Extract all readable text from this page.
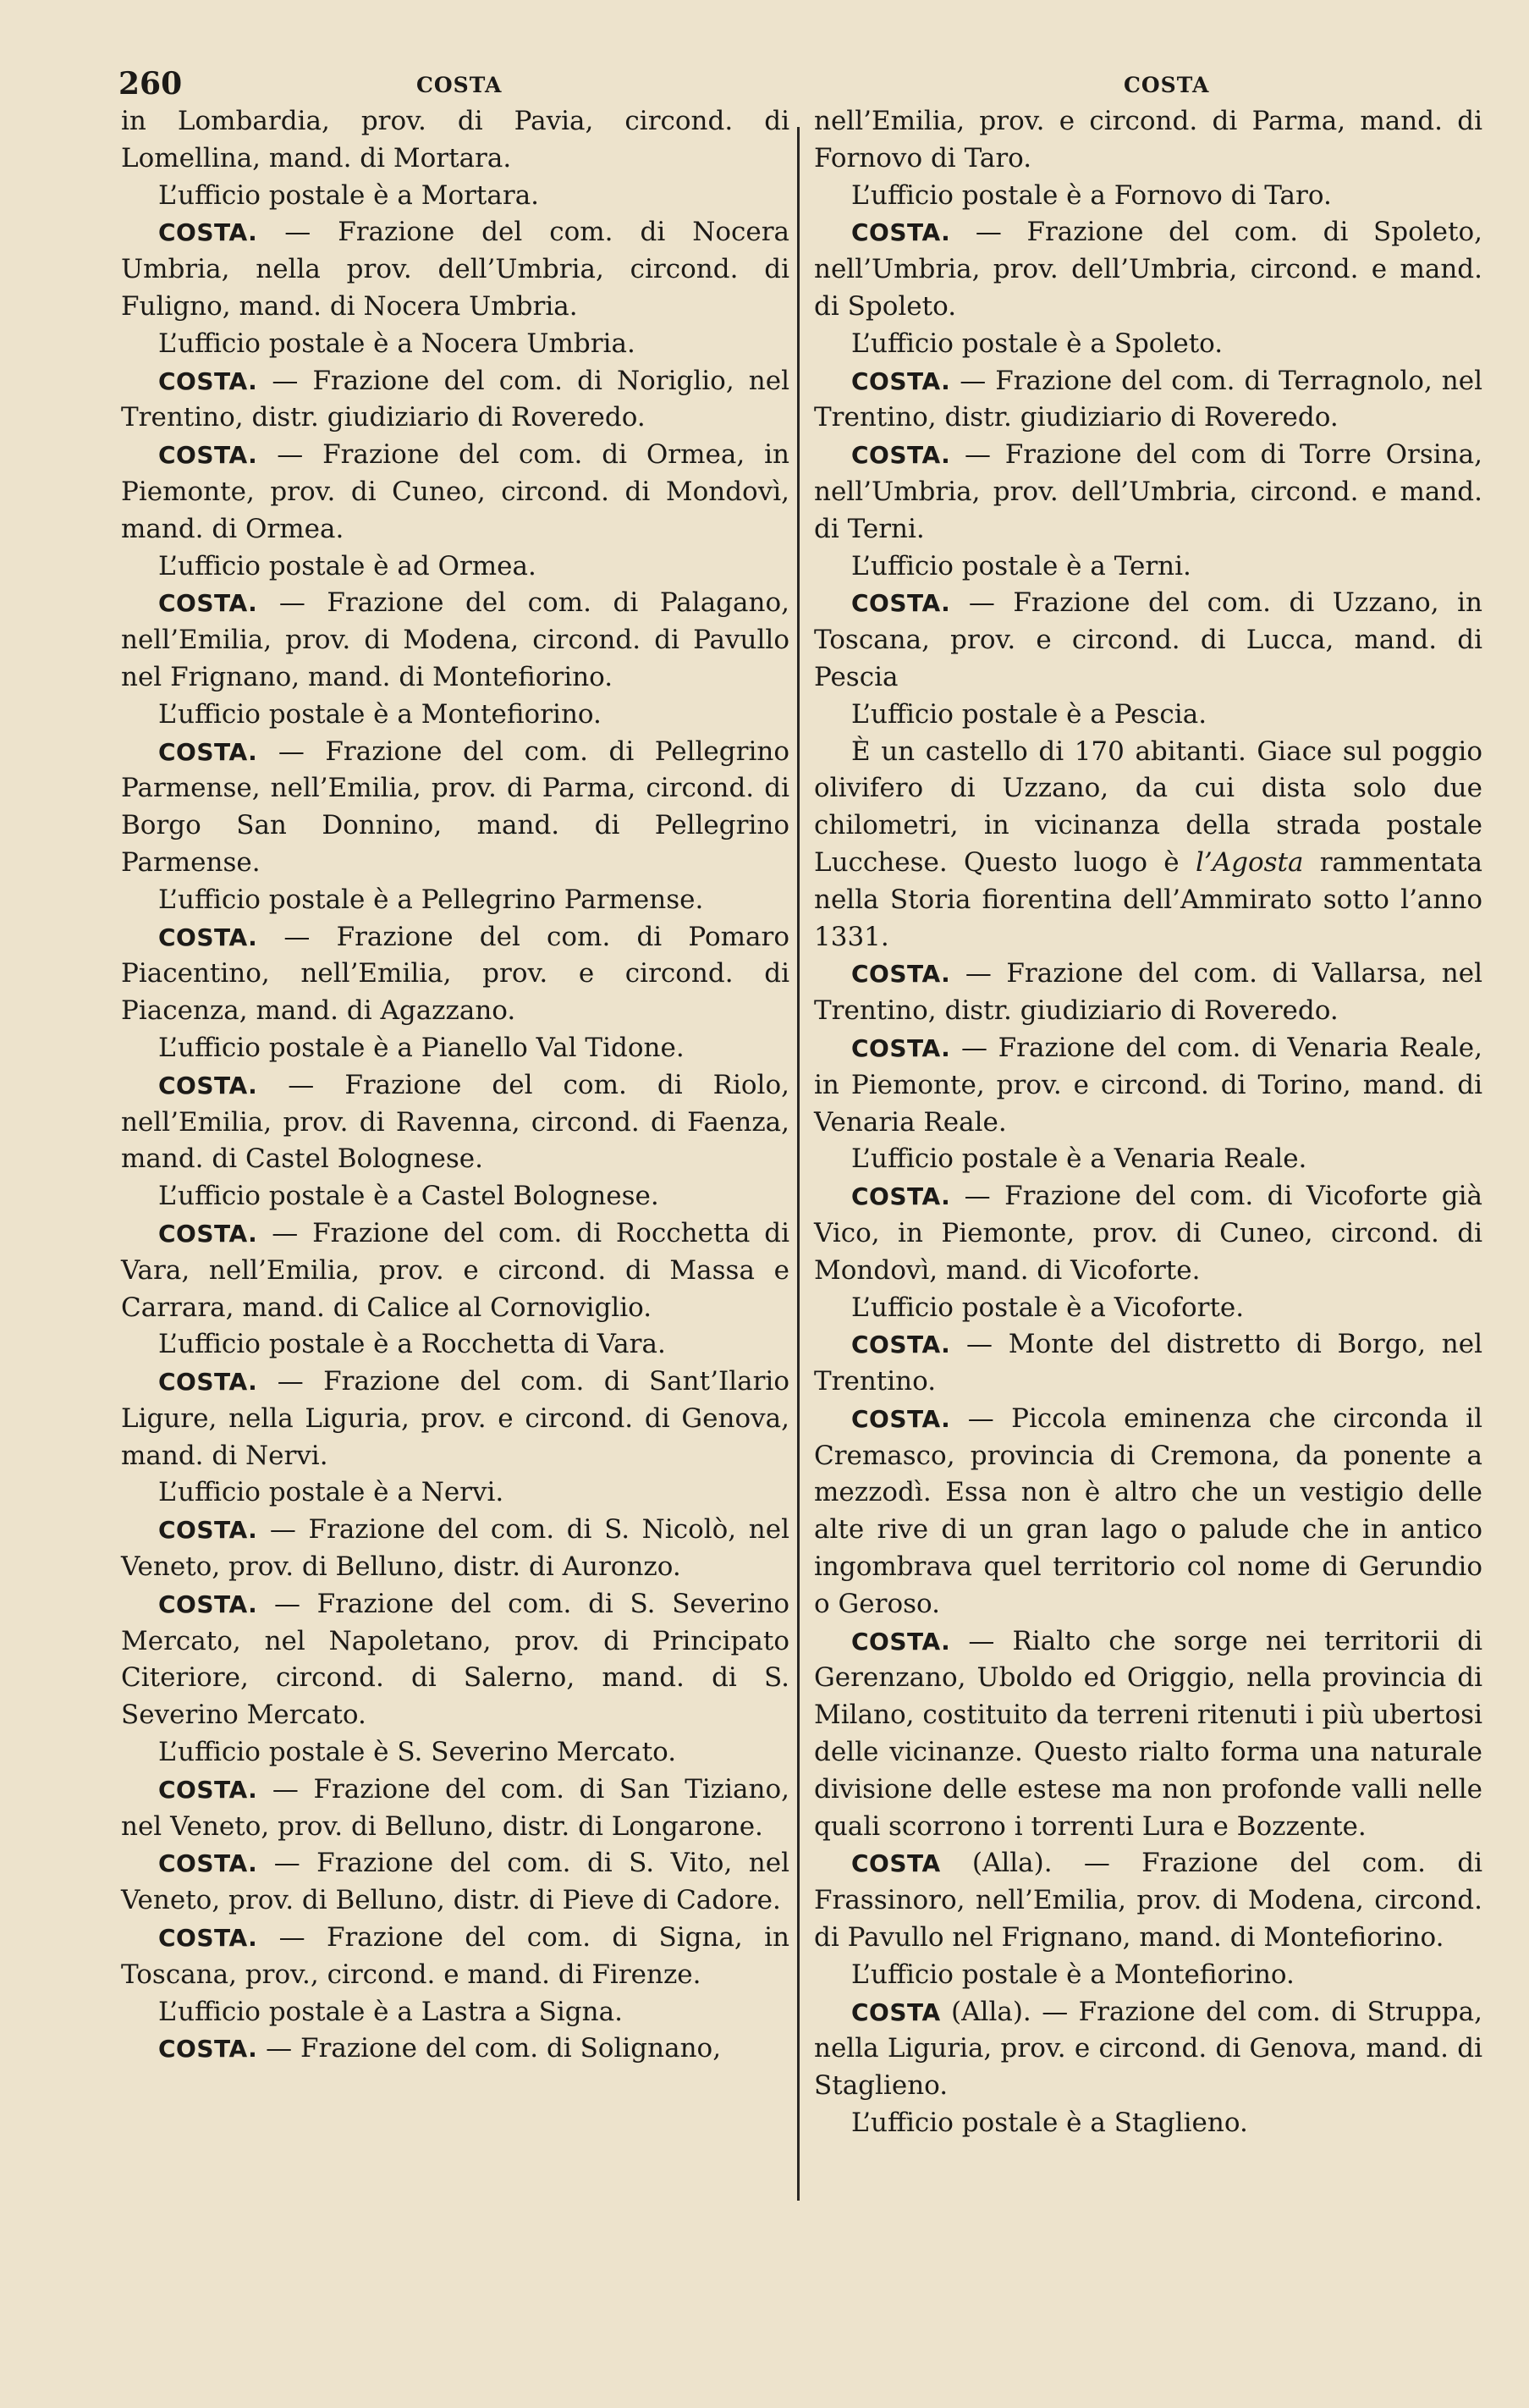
260	COSTA	COSTA

in Lombardia, prov. di Pavia, circond. di Lomellina, mand. di Mortara.

L’ufficio postale è a Mortara.

COSTA. — Frazione del com. di Nocera Umbria, nella prov. dell’Umbria, circond. di Fuligno, mand. di Nocera Umbria.

L’ufficio postale è a Nocera Umbria.

COSTA. — Frazione del com. di Noriglio, nel Trentino, distr. giudiziario di Roveredo.

COSTA. — Frazione del com. di Ormea, in Piemonte, prov. di Cuneo, circond. di Mondovì, mand. di Ormea.

L’ufficio postale è ad Ormea.

COSTA. — Frazione del com. di Palagano, nell’Emilia, prov. di Modena, circond. di Pavullo nel Frignano, mand. di Montefiorino.

L’ufficio postale è a Montefiorino.

COSTA. — Frazione del com. di Pellegrino Parmense, nell’Emilia, prov. di Parma, circond. di Borgo San Donnino, mand. di Pellegrino Parmense.

L’ufficio postale è a Pellegrino Parmense.

COSTA. — Frazione del com. di Pomaro Piacentino, nell’Emilia, prov. e circond. di Piacenza, mand. di Agazzano.

L’ufficio postale è a Pianello Val Tidone.

COSTA. — Frazione del com. di Riolo, nell’Emilia, prov. di Ravenna, circond. di Faenza, mand. di Castel Bolognese.

L’ufficio postale è a Castel Bolognese.

COSTA. — Frazione del com. di Rocchetta di Vara, nell’Emilia, prov. e circond. di Massa e Carrara, mand. di Calice al Cornoviglio.

L’ufficio postale è a Rocchetta di Vara.

COSTA. — Frazione del com. di Sant’Ilario Ligure, nella Liguria, prov. e circond. di Genova, mand. di Nervi.

L’ufficio postale è a Nervi.

COSTA. — Frazione del com. di S. Nicolò, nel Veneto, prov. di Belluno, distr. di Auronzo.

COSTA. — Frazione del com. di S. Severino Mercato, nel Napoletano, prov. di Principato Citeriore, circond. di Salerno, mand. di S. Severino Mercato.

L’ufficio postale è S. Severino Mercato.

COSTA. — Frazione del com. di San Tiziano, nel Veneto, prov. di Belluno, distr. di Longarone.

COSTA. — Frazione del com. di S. Vito, nel Veneto, prov. di Belluno, distr. di Pieve di Cadore.

COSTA. — Frazione del com. di Signa, in Toscana, prov., circond. e mand. di Firenze.

L’ufficio postale è a Lastra a Signa.

COSTA. — Frazione del com. di Solignano,

nell’Emilia, prov. e circond. di Parma, mand. di Fornovo di Taro.

L’ufficio postale è a Fornovo di Taro.

COSTA. — Frazione del com. di Spoleto, nell’Umbria, prov. dell’Umbria, circond. e mand. di Spoleto.

L’ufficio postale è a Spoleto.

COSTA. — Frazione del com. di Terragnolo, nel Trentino, distr. giudiziario di Roveredo.

COSTA. — Frazione del com di Torre Orsina, nell’Umbria, prov. dell’Umbria, circond. e mand. di Terni.

L’ufficio postale è a Terni.

COSTA. — Frazione del com. di Uzzano, in Toscana, prov. e circond. di Lucca, mand. di Pescia

L’ufficio postale è a Pescia.

È un castello di 170 abitanti. Giace sul poggio olivifero di Uzzano, da cui dista solo due chilometri, in vicinanza della strada postale Lucchese. Questo luogo è l’Agosta rammentata nella Storia fiorentina dell’Ammirato sotto l’anno 1331.

COSTA. — Frazione del com. di Vallarsa, nel Trentino, distr. giudiziario di Roveredo.

COSTA. — Frazione del com. di Venaria Reale, in Piemonte, prov. e circond. di Torino, mand. di Venaria Reale.

L’ufficio postale è a Venaria Reale.

COSTA. — Frazione del com. di Vicoforte già Vico, in Piemonte, prov. di Cuneo, circond. di Mondovì, mand. di Vicoforte.

L’ufficio postale è a Vicoforte.

COSTA. — Monte del distretto di Borgo, nel Trentino.

COSTA. — Piccola eminenza che circonda il Cremasco, provincia di Cremona, da ponente a mezzodì. Essa non è altro che un vestigio delle alte rive di un gran lago o palude che in antico ingombrava quel territorio col nome di Gerundio o Geroso.

COSTA. — Rialto che sorge nei territorii di Gerenzano, Uboldo ed Origgio, nella provincia di Milano, costituito da terreni ritenuti i più ubertosi delle vicinanze. Questo rialto forma una naturale divisione delle estese ma non profonde valli nelle quali scorrono i torrenti Lura e Bozzente.

COSTA (Alla). — Frazione del com. di Frassinoro, nell’Emilia, prov. di Modena, circond. di Pavullo nel Frignano, mand. di Montefiorino.

L’ufficio postale è a Montefiorino.

COSTA (Alla). — Frazione del com. di Struppa, nella Liguria, prov. e circond. di Genova, mand. di Staglieno.

L’ufficio postale è a Staglieno.
